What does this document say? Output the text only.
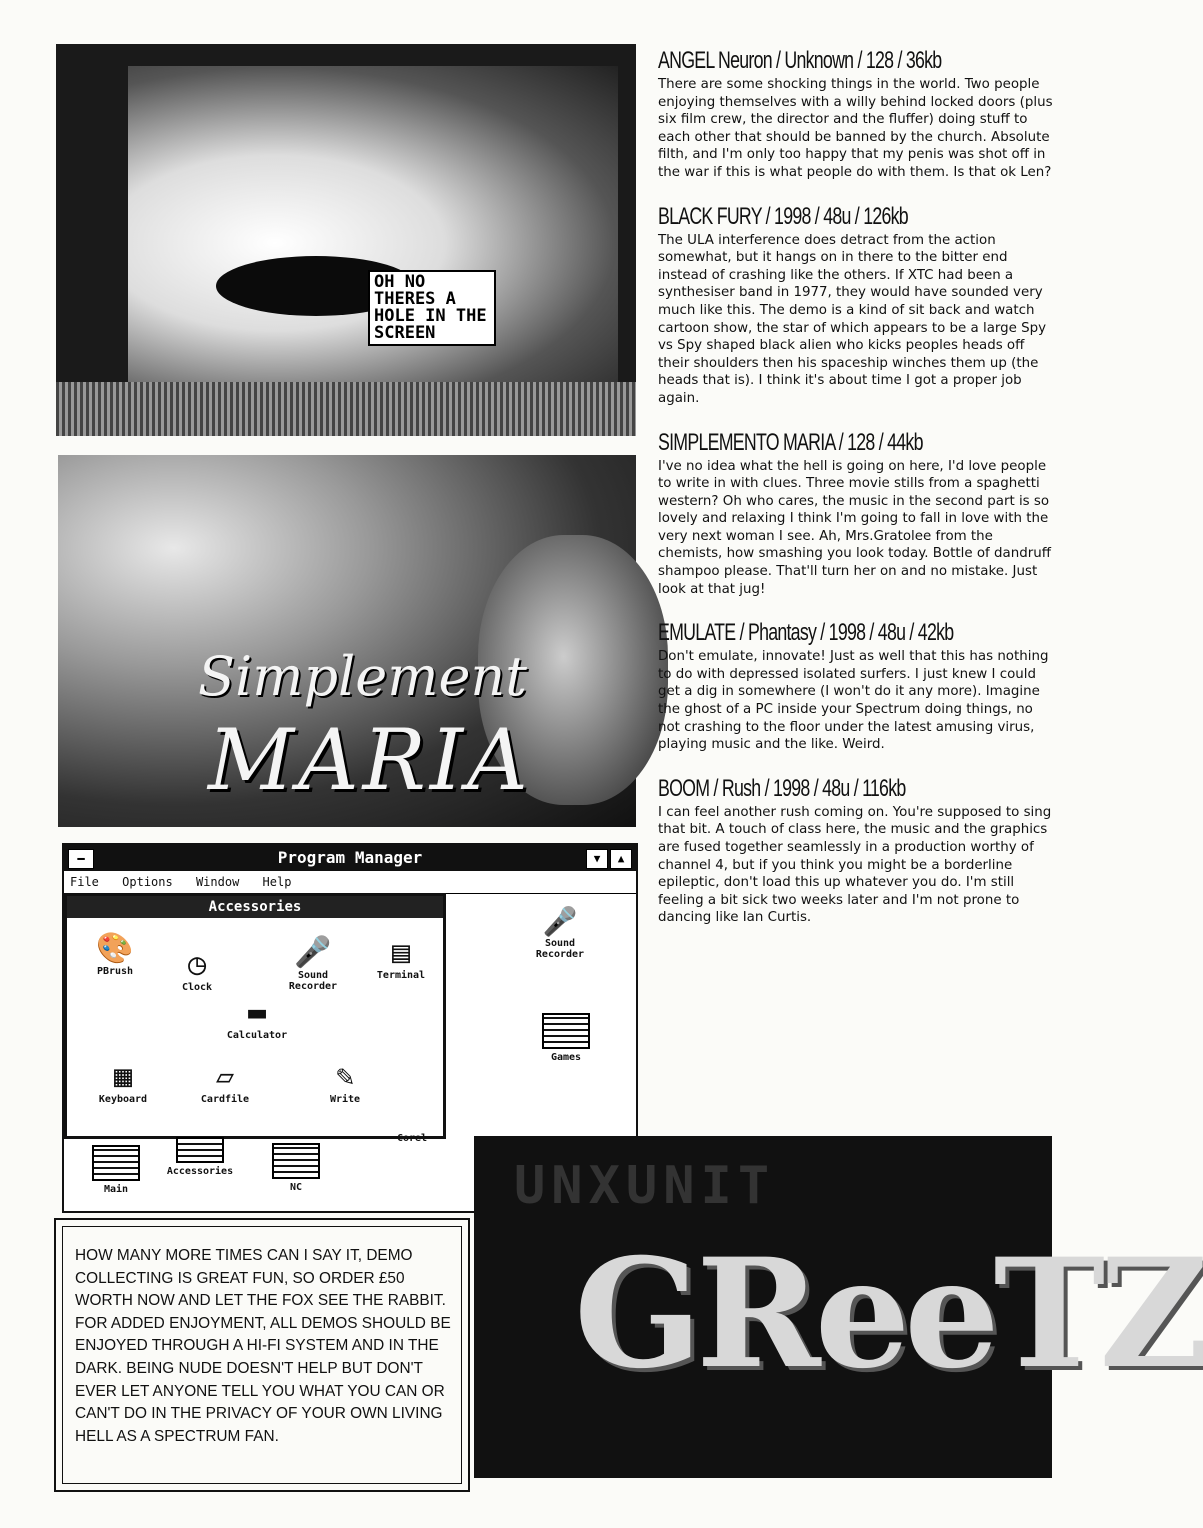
OH NO THERES A HOLE IN THE SCREEN
Simplement
MARIA
━	Program Manager	▼	▲
File Options Window Help
Accessories
🎨
PBrush	◷
Clock
🎤
Sound Recorder
▤
Terminal
▬
Calculator
▦
Keyboard
▱
Cardfile
✎
Write
🎤
Sound Recorder

Games

Main

Accessories

NC
Corel
UNXUNIT
GReeTZ
ANGEL Neuron / Unknown / 128 / 36kb

There are some shocking things in the world. Two people enjoying themselves with a willy behind locked doors (plus six film crew, the director and the fluffer) doing stuff to each other that should be banned by the church. Absolute filth, and I'm only too happy that my penis was shot off in the war if this is what people do with them. Is that ok Len?

BLACK FURY / 1998 / 48u / 126kb

The ULA interference does detract from the action somewhat, but it hangs on in there to the bitter end instead of crashing like the others. If XTC had been a synthesiser band in 1977, they would have sounded very much like this. The demo is a kind of sit back and watch cartoon show, the star of which appears to be a large Spy vs Spy shaped black alien who kicks peoples heads off their shoulders then his spaceship winches them up (the heads that is). I think it's about time I got a proper job again.

SIMPLEMENTO MARIA / 128 / 44kb

I've no idea what the hell is going on here, I'd love people to write in with clues. Three movie stills from a spaghetti western? Oh who cares, the music in the second part is so lovely and relaxing I think I'm going to fall in love with the very next woman I see. Ah, Mrs.Gratolee from the chemists, how smashing you look today. Bottle of dandruff shampoo please. That'll turn her on and no mistake. Just look at that jug!

EMULATE / Phantasy / 1998 / 48u / 42kb

Don't emulate, innovate! Just as well that this has nothing to do with depressed isolated surfers. I just knew I could get a dig in somewhere (I won't do it any more). Imagine the ghost of a PC inside your Spectrum doing things, no not crashing to the floor under the latest amusing virus, playing music and the like. Weird.

BOOM / Rush / 1998 / 48u / 116kb

I can feel another rush coming on. You're supposed to sing that bit. A touch of class here, the music and the graphics are fused together seamlessly in a production worthy of channel 4, but if you think you might be a borderline epileptic, don't load this up whatever you do. I'm still feeling a bit sick two weeks later and I'm not prone to dancing like Ian Curtis.

HOW MANY MORE TIMES CAN I SAY IT, DEMO COLLECTING IS GREAT FUN, SO ORDER £50 WORTH NOW AND LET THE FOX SEE THE RABBIT. FOR ADDED ENJOYMENT, ALL DEMOS SHOULD BE ENJOYED THROUGH A HI-FI SYSTEM AND IN THE DARK. BEING NUDE DOESN'T HELP BUT DON'T EVER LET ANYONE TELL YOU WHAT YOU CAN OR CAN'T DO IN THE PRIVACY OF YOUR OWN LIVING HELL AS A SPECTRUM FAN.
